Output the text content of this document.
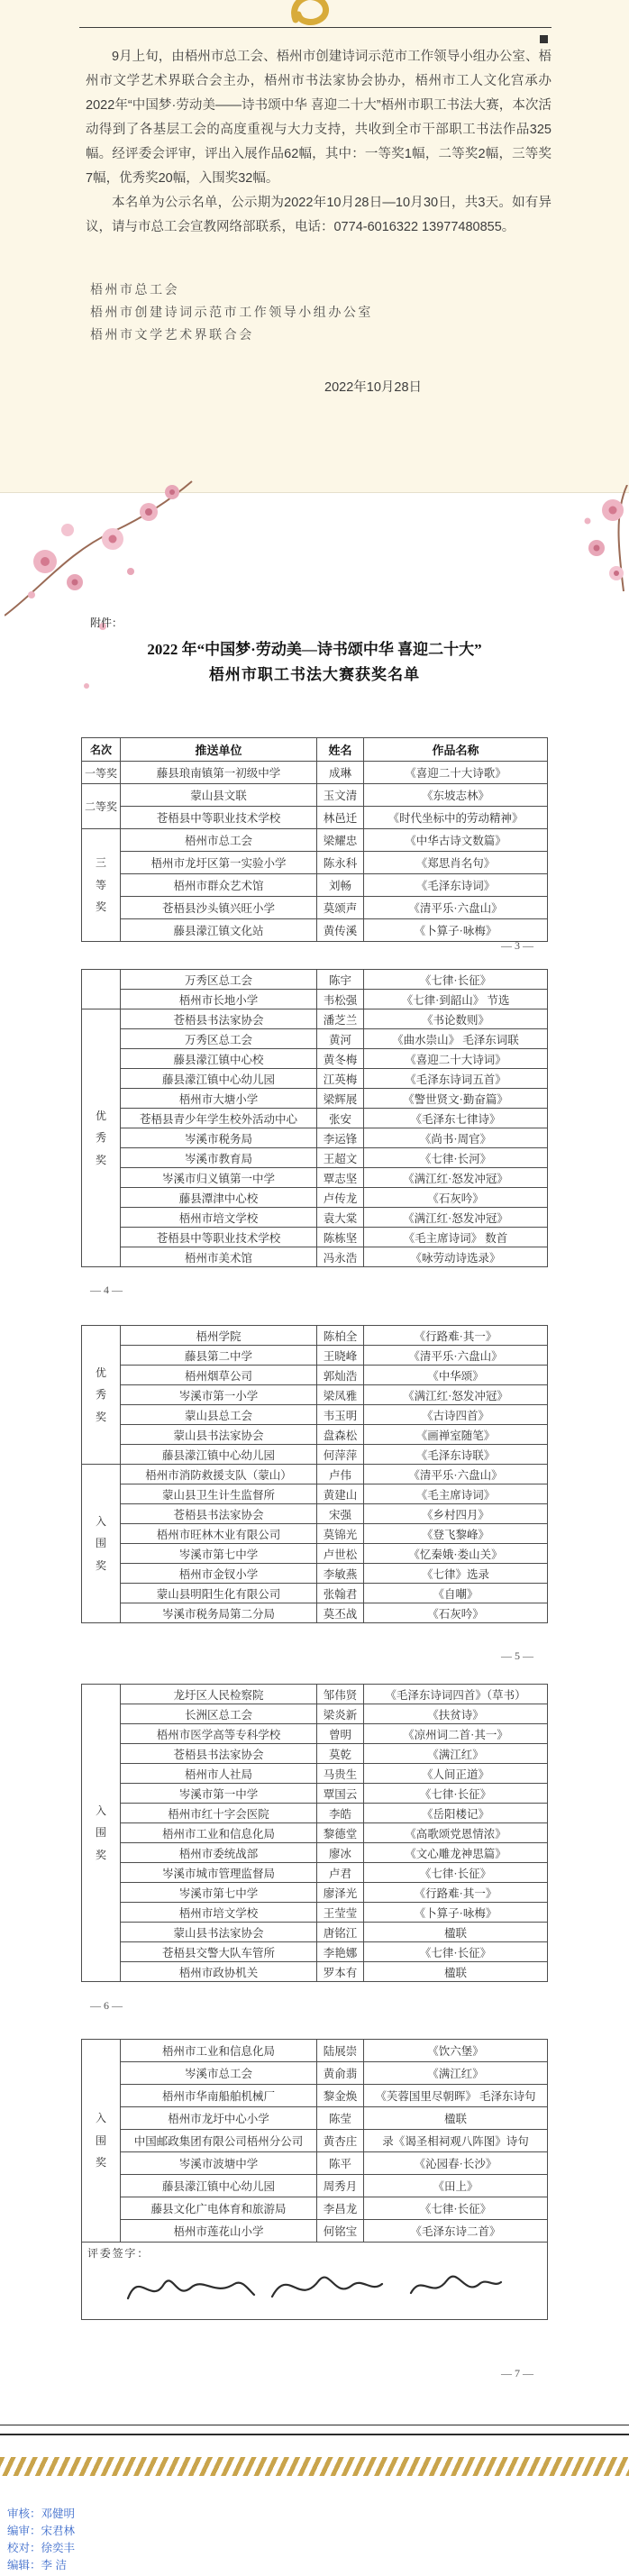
9月上旬，由梧州市总工会、梧州市创建诗词示范市工作领导小组办公室、梧州市文学艺术界联合会主办，梧州市书法家协会协办，梧州市工人文化宫承办2022年“中国梦·劳动美——诗书颂中华 喜迎二十大”梧州市职工书法大赛，本次活动得到了各基层工会的高度重视与大力支持，共收到全市干部职工书法作品325幅。经评委会评审，评出入展作品62幅，其中：一等奖1幅，二等奖2幅，三等奖7幅，优秀奖20幅，入围奖32幅。

本名单为公示名单，公示期为2022年10月28日—10月30日，共3天。如有异议，请与市总工会宣教网络部联系，电话：0774-6016322 13977480855。

梧州市总工会
梧州市创建诗词示范市工作领导小组办公室
梧州市文学艺术界联合会
2022年10月28日
附件：
2022 年“中国梦·劳动美—诗书颂中华 喜迎二十大”
梧州市职工书法大赛获奖名单
名次	推送单位	姓名	作品名称
一等奖	藤县琅南镇第一初级中学	成琳	《喜迎二十大诗歌》
二等奖	蒙山县文联	玉文清	《东坡志林》
	苍梧县中等职业技术学校	林邑迁	《时代坐标中的劳动精神》
三
等
奖	梧州市总工会	梁耀忠	《中华古诗文数篇》
	梧州市龙圩区第一实验小学	陈永科	《郑思肖名句》
	梧州市群众艺术馆	刘畅	《毛泽东诗词》
	苍梧县沙头镇兴旺小学	莫颂声	《清平乐·六盘山》
	藤县濛江镇文化站	黄传溪	《卜算子·咏梅》
	万秀区总工会	陈宇	《七律·长征》
	梧州市长地小学	韦松强	《七律·到韶山》 节选
优
秀
奖	苍梧县书法家协会	潘芝兰	《书论数则》
	万秀区总工会	黄河	《曲水崇山》 毛泽东词联
	藤县濛江镇中心校	黄冬梅	《喜迎二十大诗词》
	藤县濛江镇中心幼儿园	江英梅	《毛泽东诗词五首》
	梧州市大塘小学	梁辉展	《警世贤文·勤奋篇》
	苍梧县青少年学生校外活动中心	张安	《毛泽东七律诗》
	岑溪市税务局	李运锋	《尚书·周官》
	岑溪市教育局	王超文	《七律·长河》
	岑溪市归义镇第一中学	覃志坚	《满江红·怒发冲冠》
	藤县潭津中心校	卢传龙	《石灰吟》
	梧州市培文学校	袁大棠	《满江红·怒发冲冠》
	苍梧县中等职业技术学校	陈栋坚	《毛主席诗词》 数首
	梧州市美术馆	冯永浩	《咏劳动诗选录》
优
秀
奖	梧州学院	陈柏全	《行路难·其一》
	藤县第二中学	王晓峰	《清平乐·六盘山》
	梧州烟草公司	郭灿浩	《中华颂》
	岑溪市第一小学	梁凤雅	《满江红·怒发冲冠》
	蒙山县总工会	韦玉明	《古诗四首》
	蒙山县书法家协会	盘森松	《画禅室随笔》
	藤县濛江镇中心幼儿园	何萍萍	《毛泽东诗联》
入
围
奖	梧州市消防救援支队（蒙山）	卢伟	《清平乐·六盘山》
	蒙山县卫生计生监督所	黄建山	《毛主席诗词》
	苍梧县书法家协会	宋强	《乡村四月》
	梧州市旺林木业有限公司	莫锦光	《登飞黎峰》
	岑溪市第七中学	卢世松	《忆秦娥·娄山关》
	梧州市金钗小学	李敏燕	《七律》选录
	蒙山县明阳生化有限公司	张翰君	《自嘲》
	岑溪市税务局第二分局	莫丕战	《石灰吟》
入
围
奖	龙圩区人民检察院	邹伟贤	《毛泽东诗词四首》（草书）
	长洲区总工会	梁炎新	《扶贫诗》
	梧州市医学高等专科学校	曾明	《凉州词二首·其一》
	苍梧县书法家协会	莫乾	《满江红》
	梧州市人社局	马贵生	《人间正道》
	岑溪市第一中学	覃国云	《七律·长征》
	梧州市红十字会医院	李皓	《岳阳楼记》
	梧州市工业和信息化局	黎德堂	《高歌颂党恩情浓》
	梧州市委统战部	廖冰	《文心雕龙神思篇》
	岑溪市城市管理监督局	卢君	《七律·长征》
	岑溪市第七中学	廖泽光	《行路难·其一》
	梧州市培文学校	王莹莹	《卜算子·咏梅》
	蒙山县书法家协会	唐铭江	楹联
	苍梧县交警大队车管所	李艳娜	《七律·长征》
	梧州市政协机关	罗本有	楹联
入
围
奖	梧州市工业和信息化局	陆展崇	《饮六堡》
	岑溪市总工会	黄俞翡	《满江红》
	梧州市华南船舶机械厂	黎金焕	《芙蓉国里尽朝晖》 毛泽东诗句
	梧州市龙圩中心小学	陈莹	楹联
	中国邮政集团有限公司梧州分公司	黄杏庄	录《谒圣相祠观八阵图》诗句
	岑溪市波塘中学	陈平	《沁园春·长沙》
	藤县濛江镇中心幼儿园	周秀月	《田上》
	藤县文化广电体育和旅游局	李昌龙	《七律·长征》
	梧州市莲花山小学	何铭宝	《毛泽东诗二首》

评委签字：			
— 3 —
— 4 —
— 5 —
— 6 —
— 7 —
审核：邓健明
编审：宋君林
校对：徐奕丰
编辑：李 洁
